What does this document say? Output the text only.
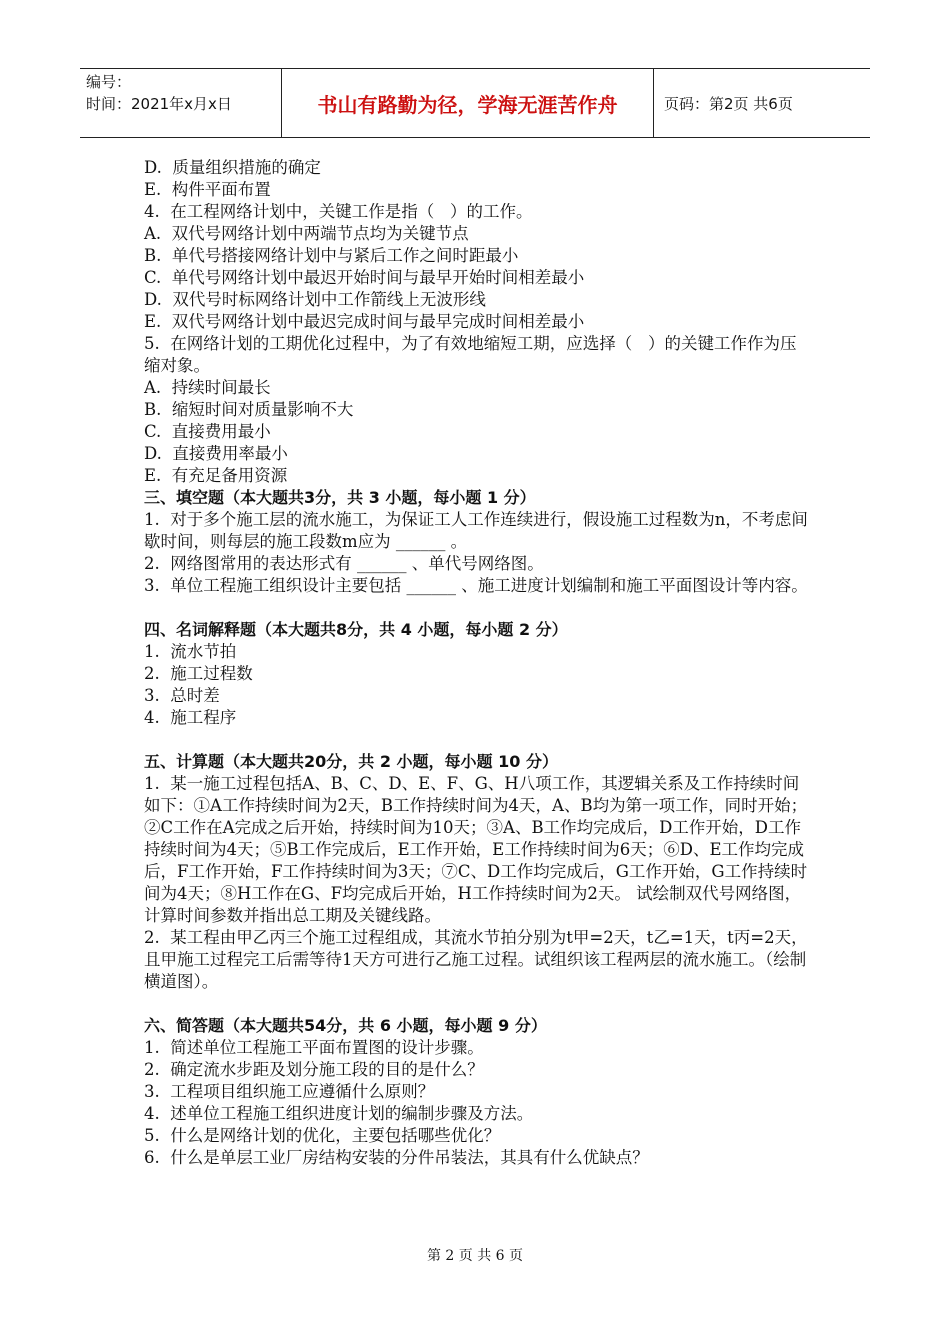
编号：
时间：2021年x月x日	书山有路勤为径，学海无涯苦作舟	页码：第2页 共6页

D.  质量组织措施的确定

E.  构件平面布置

4.  在工程网络计划中，关键工作是指（   ）的工作。

A.  双代号网络计划中两端节点均为关键节点

B.  单代号搭接网络计划中与紧后工作之间时距最小

C.  单代号网络计划中最迟开始时间与最早开始时间相差最小

D.  双代号时标网络计划中工作箭线上无波形线

E.  双代号网络计划中最迟完成时间与最早完成时间相差最小

5.  在网络计划的工期优化过程中，为了有效地缩短工期，应选择（   ）的关键工作作为压缩对象。

A.  持续时间最长

B.  缩短时间对质量影响不大

C.  直接费用最小

D.  直接费用率最小

E.  有充足备用资源

三、填空题（本大题共3分，共 3 小题，每小题 1 分）

1.  对于多个施工层的流水施工，为保证工人工作连续进行，假设施工过程数为n，不考虑间歇时间，则每层的施工段数m应为 ______ 。

2.  网络图常用的表达形式有 ______ 、单代号网络图。

3.  单位工程施工组织设计主要包括 ______ 、施工进度计划编制和施工平面图设计等内容。

四、名词解释题（本大题共8分，共 4 小题，每小题 2 分）

1.  流水节拍

2.  施工过程数

3.  总时差

4.  施工程序

五、计算题（本大题共20分，共 2 小题，每小题 10 分）

1.  某一施工过程包括A、B、C、D、E、F、G、H八项工作，其逻辑关系及工作持续时间如下：①A工作持续时间为2天，B工作持续时间为4天，A、B均为第一项工作，同时开始；②C工作在A完成之后开始，持续时间为10天；③A、B工作均完成后，D工作开始，D工作持续时间为4天；⑤B工作完成后，E工作开始，E工作持续时间为6天；⑥D、E工作均完成后，F工作开始，F工作持续时间为3天；⑦C、D工作均完成后，G工作开始，G工作持续时间为4天；⑧H工作在G、F均完成后开始，H工作持续时间为2天。 试绘制双代号网络图，计算时间参数并指出总工期及关键线路。

2.  某工程由甲乙丙三个施工过程组成，其流水节拍分别为t甲=2天，t乙=1天，t丙=2天，且甲施工过程完工后需等待1天方可进行乙施工过程。试组织该工程两层的流水施工。（绘制横道图）。

六、简答题（本大题共54分，共 6 小题，每小题 9 分）

1.  简述单位工程施工平面布置图的设计步骤。

2.  确定流水步距及划分施工段的目的是什么？

3.  工程项目组织施工应遵循什么原则？

4.  述单位工程施工组织进度计划的编制步骤及方法。

5.  什么是网络计划的优化，主要包括哪些优化？

6.  什么是单层工业厂房结构安装的分件吊装法，其具有什么优缺点？

第 2 页 共 6 页
